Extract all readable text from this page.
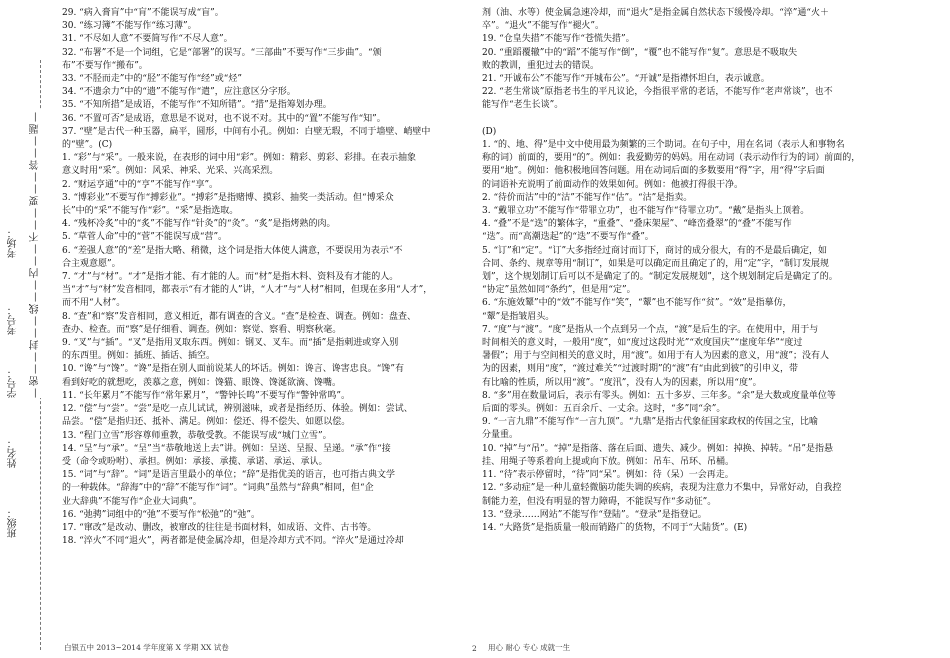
班级：
姓名：
学号：
考号：
考场： —密——封——线——内——不——要——答——题—
29. “病入膏肓”中“肓”不能误写成“盲”。
30. “练习簿”不能写作“练习薄”。
31. “不尽如人意”不要简写作“不尽人意”。
32. “布署”不是一个词组，它是“部署”的误写。“三部曲”不要写作“三步曲”。“颁
布”不要写作“搬布”。
33. “不胫而走”中的“胫”不能写作“经”或“烃”
34. “不遗余力”中的“遗”不能写作“遣”，应注意区分字形。
35. “不知所措”是成语，不能写作“不知所错”。“措”是指筹划办理。
36. “不置可否”是成语，意思是不说对，也不说不对。其中的“置”不能写作“知”。
37. “壁”是古代一种玉器，扁平，圆形，中间有小孔。例如：白壁无瑕，不同于墙壁、峭壁中
的“壁”。(C)
1. “彩”与“采”。一般来说，在表形的词中用“彩”。例如：精彩、剪彩、彩排。在表示抽象
意义时用“采”。例如：风采、神采、光采、兴高采烈。
2. “财运亨通”中的“亨”不能写作“享”。
3. “博彩业”不要写作“搏彩业”。“搏彩”是指赌博、摸彩、抽奖一类活动。但“博采众
长”中的“采”不能写作“彩”。“采”是指选取。
4. “残杯冷炙”中的“炙”不能写作“针灸”的“灸”。“炙”是指烤熟的肉。
5. “草菅人命”中的“菅”不能误写成“营”。
6. “差强人意”的“差”是指大略、稍微，这个词是指大体使人满意，不要误用为表示“不
合主观意愿”。
7. “才”与“材”。“才”是指才能、有才能的人。而“材”是指木料、资料及有才能的人。
当“才”与“材”发音相同，都表示“有才能的人”讲，“人才”与“人材”相同，但现在多用“人才”，
而不用“人材”。
8. “查”和“察”发音相同，意义相近，都有调查的含义。“查”是检查、调查。例如：盘查、
查办、检查。而“察”是仔细看、调查。例如：察觉、察看、明察秋毫。
9. “叉”与“插”。“叉”是指用叉取东西。例如：钢叉、叉车。而“插”是指刺进或穿入别
的东西里。例如：插班、插话、插空。
10. “谗”与“馋”。“谗”是指在别人面前说某人的坏话。例如：谗言、谗害忠良。“馋”有
看到好吃的就想吃，羡慕之意，例如：馋猫、眼馋、馋涎欲滴、馋嘴。
11. “长年累月”不能写作“常年累月”，“警钟长鸣”不要写作“警钟常鸣”。
12. “偿”与“尝”。“尝”是吃一点儿试试，辨别滋味，或者是指经历、体验。例如：尝试、
品尝。“偿”是指归还、抵补、满足。例如：偿还、得不偿失、如愿以偿。
13. “程门立雪”形容尊师重教，恭敬受教。不能误写成“城门立雪”。
14. “呈”与“承”。“呈”当“恭敬地送上去”讲。例如：呈送、呈报、呈递。“承”作“接
受（命令或吩咐）、承担。例如：承接、承揽、承诺、承运、承认。
15. “词”与“辞”。“词”是语言里最小的单位；“辞”是指优美的语言，也可指古典文学
的一种载体。“辞海”中的“辞”不能写作“词”。“词典”虽然与“辞典”相同，但“企
业大辞典”不能写作“企业大词典”。
16. “弛骋”词组中的“弛”不要写作“松弛”的“弛”。
17. “窜改”是改动、删改，被窜改的往往是书面材料，如成语、文件、古书等。
18. “淬火”不同“退火”，两者都是使金属冷却，但是冷却方式不同。“淬火”是通过冷却
剂（油、水等）使金属急速冷却，而“退火”是指金属自然状态下缓慢冷却。“淬”通“火＋
卒”。“退火”不能写作“褪火”。
19. “仓皇失措”不能写作“苍慌失措”。
20. “重蹈覆辙”中的“蹈”不能写作“倒”，“覆”也不能写作“复”。意思是不吸取失
败的教训，重犯过去的错误。
21. “开诚布公”不能写作“开城布公”。“开诚”是指襟怀坦白，表示诚意。
22. “老生常谈”原指老书生的平凡议论，今指很平常的老话，不能写作“老声常谈”，也不
能写作“老生长谈”。
(D)
1. “的、地、得”是中文中使用最为频繁的三个助词。在句子中，用在名词（表示人和事物名
称的词）前面的，要用“的”。例如：我爱勤劳的妈妈。用在动词（表示动作行为的词）前面的，
要用“地”。例如：他积极地回答问题。用在动词后面的多数要用“得”字，用“得”字后面
的词语补充说明了前面动作的效果如何。例如：他被打得很干净。
2. “待价而沽”中的“沽”不能写作“估”。“沽”是指卖。
3. “戴罪立功”不能写作“带罪立功”，也不能写作“待罪立功”。“戴”是指头上顶着。
4. “叠”不是“迭”的繁体字，“重叠”、“叠床架屋”、“峰峦叠翠”的“叠”不能写作
“迭”。而“高潮迭起”的“迭”不要写作“叠”。
5. “订”和“定”。“订”大多指经过商讨而订下，商讨的成分很大，有的不是最后确定，如
合同、条约、规章等用“制订”，如果是可以确定而且确定了的，用“定”字，“制订发展规
划”，这个规划制订后可以不是确定了的。“制定发展规划”，这个规划制定后是确定了的。
“协定”虽然如同“条约”，但是用“定”。
6. “东施效颦”中的“效”不能写作“笑”，“颦”也不能写作“贫”。“效”是指摹仿，
“颦”是指皱眉头。
7. “度”与“渡”。“度”是指从一个点到另一个点，“渡”是后生的字。在使用中，用于与
时间相关的意义时，一般用“度”，如“度过这段时光”“欢度国庆”“虚度年华”“度过
暑假”；用于与空间相关的意义时，用“渡”。如用于有人为因素的意义，用“渡”；没有人
为的因素，则用“度”，“渡过难关”“过渡时期”的“渡”有“由此到彼”的引申义，带
有比喻的性质，所以用“渡”。“度汛”，没有人为的因素，所以用“度”。
8. “多”用在数量词后，表示有零头。例如：五十多岁、三年多。“余”是大数或度量单位等
后面的零头。例如：五百余斤、一丈余。这时，“多”同“余”。
9. “一言九鼎”不能写作“一言九顶”。“九鼎”是指古代象征国家政权的传国之宝，比喻
分量重。
10. “掉”与“吊”。“掉”是指落、落在后面、遗失、减少。例如：掉换、掉转。“吊”是指悬
挂、用绳子等系着向上提或向下放。例如：吊车、吊环、吊桶。
11. “待”表示停留时，“待”同“呆”。例如：待（呆）一会再走。
12. “多动症”是一种儿童轻微脑功能失调的疾病，表现为注意力不集中，异常好动，自我控
制能力差，但没有明显的智力障碍，不能误写作“多动征”。
13. “登录……网站”不能写作“登陆”。“登录”是指登记。
14. “大路货”是指质量一般而销路广的货物，不同于“大陆货”。(E)
白银五中 2013~2014 学年度第 X 学期 XX 试卷	2 用心 耐心 专心 成就一生
